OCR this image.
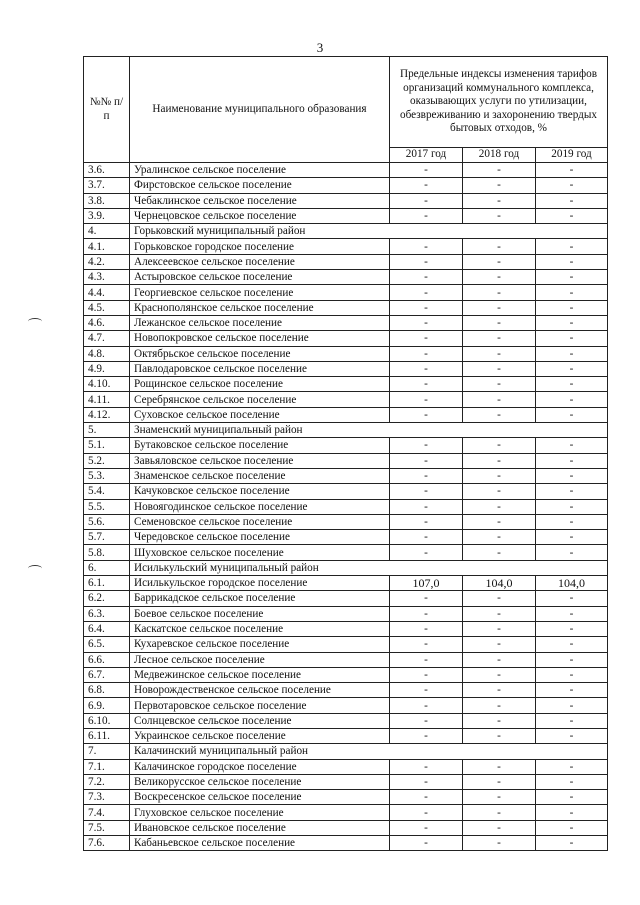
3
№№ п/п	Наименование муниципального образования	Предельные индексы изменения тарифов организаций коммунального комплекса, оказывающих услуги по утилизации, обезвреживанию и захоронению твердых бытовых отходов, %		
		2017 год	2018 год	2019 год
3.6.	Уралинское сельское поселение	-	-	-
3.7.	Фирстовское сельское поселение	-	-	-
3.8.	Чебаклинское сельское поселение	-	-	-
3.9.	Чернецовское сельское поселение	-	-	-
4.	Горьковский муниципальный район			
4.1.	Горьковское городское поселение	-	-	-
4.2.	Алексеевское сельское поселение	-	-	-
4.3.	Астыровское сельское поселение	-	-	-
4.4.	Георгиевское сельское поселение	-	-	-
4.5.	Краснополянское сельское поселение	-	-	-
4.6.	Лежанское сельское поселение	-	-	-
4.7.	Новопокровское сельское поселение	-	-	-
4.8.	Октябрьское сельское поселение	-	-	-
4.9.	Павлодаровское сельское поселение	-	-	-
4.10.	Рощинское сельское поселение	-	-	-
4.11.	Серебрянское сельское поселение	-	-	-
4.12.	Суховское сельское поселение	-	-	-
5.	Знаменский муниципальный район			
5.1.	Бутаковское сельское поселение	-	-	-
5.2.	Завьяловское сельское поселение	-	-	-
5.3.	Знаменское сельское поселение	-	-	-
5.4.	Качуковское сельское поселение	-	-	-
5.5.	Новоягодинское сельское поселение	-	-	-
5.6.	Семеновское сельское поселение	-	-	-
5.7.	Чередовское сельское поселение	-	-	-
5.8.	Шуховское сельское поселение	-	-	-
6.	Исилькульский муниципальный район			
6.1.	Исилькульское городское поселение	107,0	104,0	104,0
6.2.	Баррикадское сельское поселение	-	-	-
6.3.	Боевое сельское поселение	-	-	-
6.4.	Каскатское сельское поселение	-	-	-
6.5.	Кухаревское сельское поселение	-	-	-
6.6.	Лесное сельское поселение	-	-	-
6.7.	Медвежинское сельское поселение	-	-	-
6.8.	Новорождественское сельское поселение	-	-	-
6.9.	Первотаровское сельское поселение	-	-	-
6.10.	Солнцевское сельское поселение	-	-	-
6.11.	Украинское сельское поселение	-	-	-
7.	Калачинский муниципальный район			
7.1.	Калачинское городское поселение	-	-	-
7.2.	Великорусское сельское поселение	-	-	-
7.3.	Воскресенское сельское поселение	-	-	-
7.4.	Глуховское сельское поселение	-	-	-
7.5.	Ивановское сельское поселение	-	-	-
7.6.	Кабаньевское сельское поселение	-	-	-
